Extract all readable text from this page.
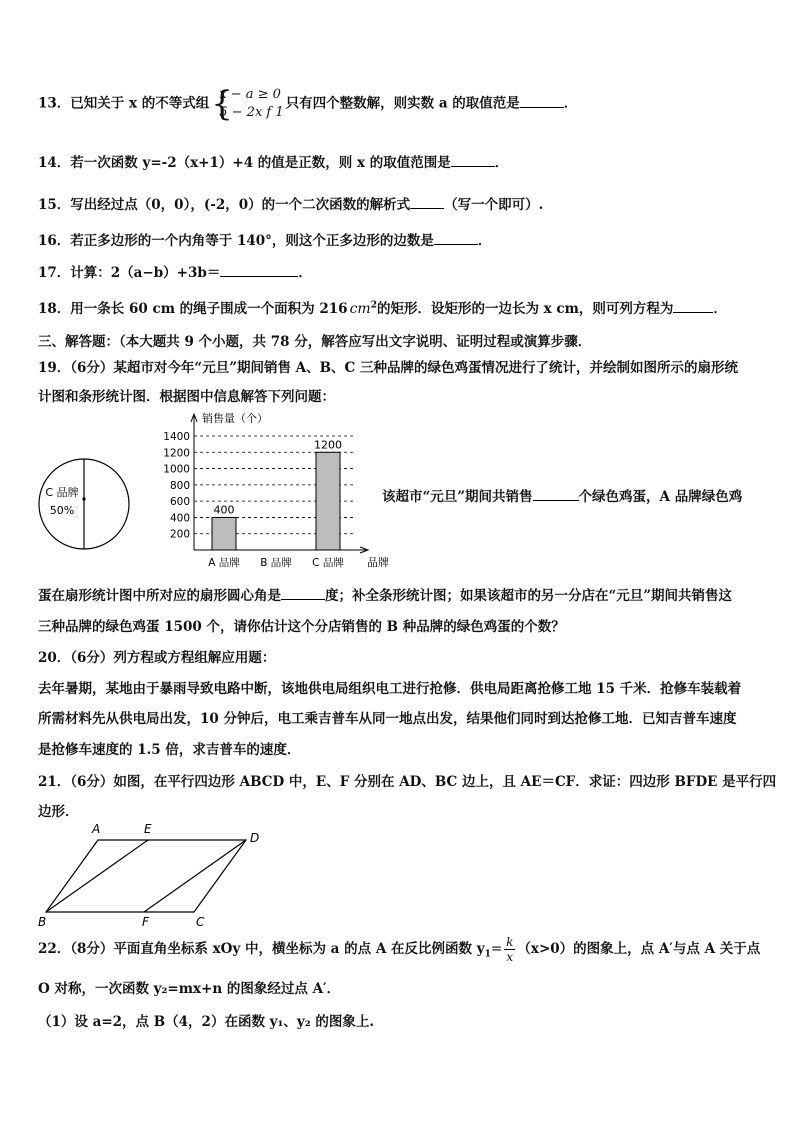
13．已知关于 x 的不等式组 {
x − a ≥ 0
5 − 2x f 1
只有四个整数解，则实数 a 的取值范是	．
14．若一次函数 y=-2（x+1）+4 的值是正数，则 x 的取值范围是	．
15．写出经过点（0，0），(-2，0）的一个二次函数的解析式	（写一个即可）.
16．若正多边形的一个内角等于 140°，则这个正多边形的边数是	．
17．计算：2（a−b）+3b＝	．
18．用一条长 60 cm 的绳子围成一个面积为 216 $cm^2$的矩形．设矩形的一边长为 x cm，则可列方程为	．
三、解答题：（本大题共 9 个小题，共 78 分，解答应写出文字说明、证明过程或演算步骤．
19．（6分）某超市对今年“元旦”期间销售 A、B、C 三种品牌的绿色鸡蛋情况进行了统计，并绘制如图所示的扇形统
计图和条形统计图．根据图中信息解答下列问题：
C 品牌
50%
200
400
600
800
1000
1200
1400
销售量（个）
品牌
A 品牌
400
B 品牌 C 品牌
1200
该超市“元旦”期间共销售	个绿色鸡蛋，A 品牌绿色鸡
蛋在扇形统计图中所对应的扇形圆心角是	度；补全条形统计图；如果该超市的另一分店在“元旦”期间共销售这
三种品牌的绿色鸡蛋 1500 个，请你估计这个分店销售的 B 种品牌的绿色鸡蛋的个数？
20．（6分）列方程或方程组解应用题：
去年暑期，某地由于暴雨导致电路中断，该地供电局组织电工进行抢修．供电局距离抢修工地 15 千米．抢修车装载着
所需材料先从供电局出发，10 分钟后，电工乘吉普车从同一地点出发，结果他们同时到达抢修工地．已知吉普车速度
是抢修车速度的 1.5 倍，求吉普车的速度．
21．（6分）如图，在平行四边形 ABCD 中，E、F 分别在 AD、BC 边上，且 AE＝CF．求证：四边形 BFDE 是平行四
边形．
A	E
D
B	F	C
22．（8分）平面直角坐标系 xOy 中，横坐标为 a 的点 A 在反比例函数 $y_1= \frac{k}{x} (x>0)$的图象上，点 A′与点 A 关于点
O 对称，一次函数 y₂=mx+n 的图象经过点 A′．
（1）设 a=2，点 B（4，2）在函数 y₁、y₂ 的图象上.
